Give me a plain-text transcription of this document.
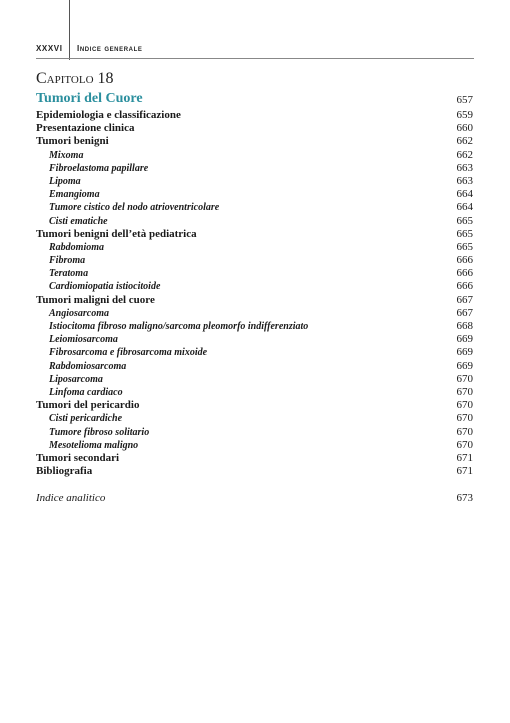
XXXVI Indice generale
Capitolo 18
Tumori del Cuore	657
Epidemiologia e classificazione	659
Presentazione clinica	660
Tumori benigni	662
Mixoma	662
Fibroelastoma papillare	663
Lipoma	663
Emangioma	664
Tumore cistico del nodo atrioventricolare	664
Cisti ematiche	665
Tumori benigni dell’età pediatrica	665
Rabdomioma	665
Fibroma	666
Teratoma	666
Cardiomiopatia istiocitoide	666
Tumori maligni del cuore	667
Angiosarcoma	667
Istiocitoma fibroso maligno/sarcoma pleomorfo indifferenziato	668
Leiomiosarcoma	669
Fibrosarcoma e fibrosarcoma mixoide	669
Rabdomiosarcoma	669
Liposarcoma	670
Linfoma cardiaco	670
Tumori del pericardio	670
Cisti pericardiche	670
Tumore fibroso solitario	670
Mesotelioma maligno	670
Tumori secondari	671
Bibliografia	671
Indice analitico	673
